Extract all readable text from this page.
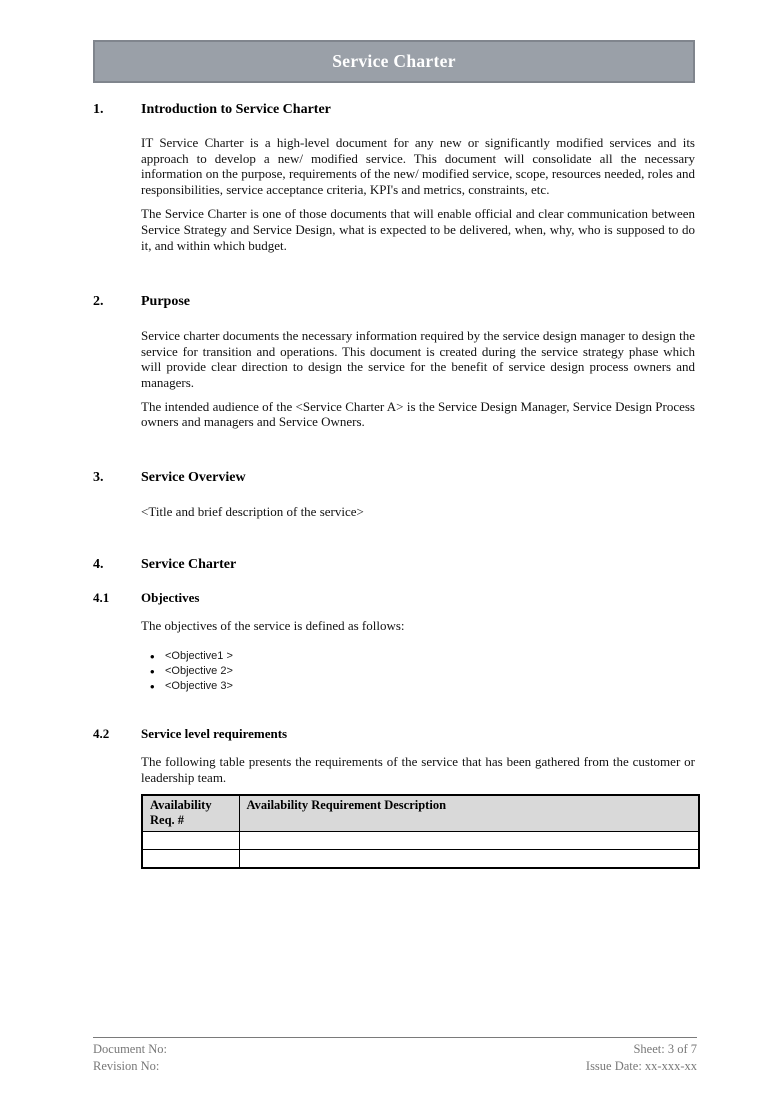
Service Charter
1.	Introduction to Service Charter

IT Service Charter is a high-level document for any new or significantly modified services and its approach to develop a new/ modified service. This document will consolidate all the necessary information on the purpose, requirements of the new/ modified service, scope, resources needed, roles and responsibilities, service acceptance criteria, KPI's and metrics, constraints, etc.

The Service Charter is one of those documents that will enable official and clear communication between Service Strategy and Service Design, what is expected to be delivered, when, why, who is supposed to do it, and within which budget.

2.	Purpose

Service charter documents the necessary information required by the service design manager to design the service for transition and operations. This document is created during the service strategy phase which will provide clear direction to design the service for the benefit of service design process owners and managers.

The intended audience of the <Service Charter A> is the Service Design Manager, Service Design Process owners and managers and Service Owners.

3.	Service Overview

<Title and brief description of the service>

4.	Service Charter
4.1	Objectives

The objectives of the service is defined as follows:

• <Objective1 >
• <Objective 2>
• <Objective 3>
4.2	Service level requirements

The following table presents the requirements of the service that has been gathered from the customer or leadership team.

Availability Req. #	Availability Requirement Description

Document No:
Revision No:
Sheet: 3 of 7
Issue Date: xx-xxx-xx
